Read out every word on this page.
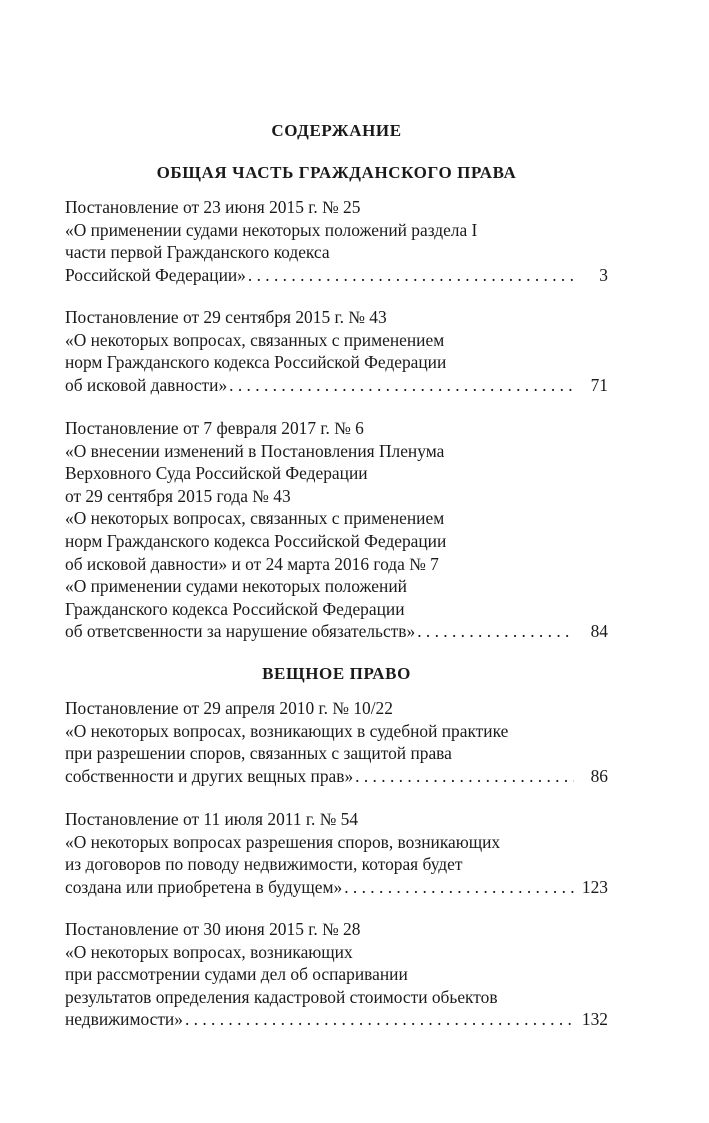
СОДЕРЖАНИЕ
ОБЩАЯ ЧАСТЬ ГРАЖДАНСКОГО ПРАВА
Постановление от 23 июня 2015 г. № 25
«О применении судами некоторых положений раздела I
части первой Гражданского кодекса
Российской Федерации» . . .	3
Постановление от 29 сентября 2015 г. № 43
«О некоторых вопросах, связанных с применением
норм Гражданского кодекса Российской Федерации
об исковой давности» . . .	71
Постановление от 7 февраля 2017 г. № 6
«О внесении изменений в Постановления Пленума
Верховного Суда Российской Федерации
от 29 сентября 2015 года № 43
«О некоторых вопросах, связанных с применением
норм Гражданского кодекса Российской Федерации
об исковой давности» и от 24 марта 2016 года № 7
«О применении судами некоторых положений
Гражданского кодекса Российской Федерации
об ответсвенности за нарушение обязательств» . . .	84
ВЕЩНОЕ ПРАВО
Постановление от 29 апреля 2010 г. № 10/22
«О некоторых вопросах, возникающих в судебной практике
при разрешении споров, связанных с защитой права
собственности и других вещных прав» . . .	86
Постановление от 11 июля 2011 г. № 54
«О некоторых вопросах разрешения споров, возникающих
из договоров по поводу недвижимости, которая будет
создана или приобретена в будущем» . . .	123
Постановление от 30 июня 2015 г. № 28
«О некоторых вопросах, возникающих
при рассмотрении судами дел об оспаривании
результатов определения кадастровой стоимости обьектов
недвижимости» . . .	132
